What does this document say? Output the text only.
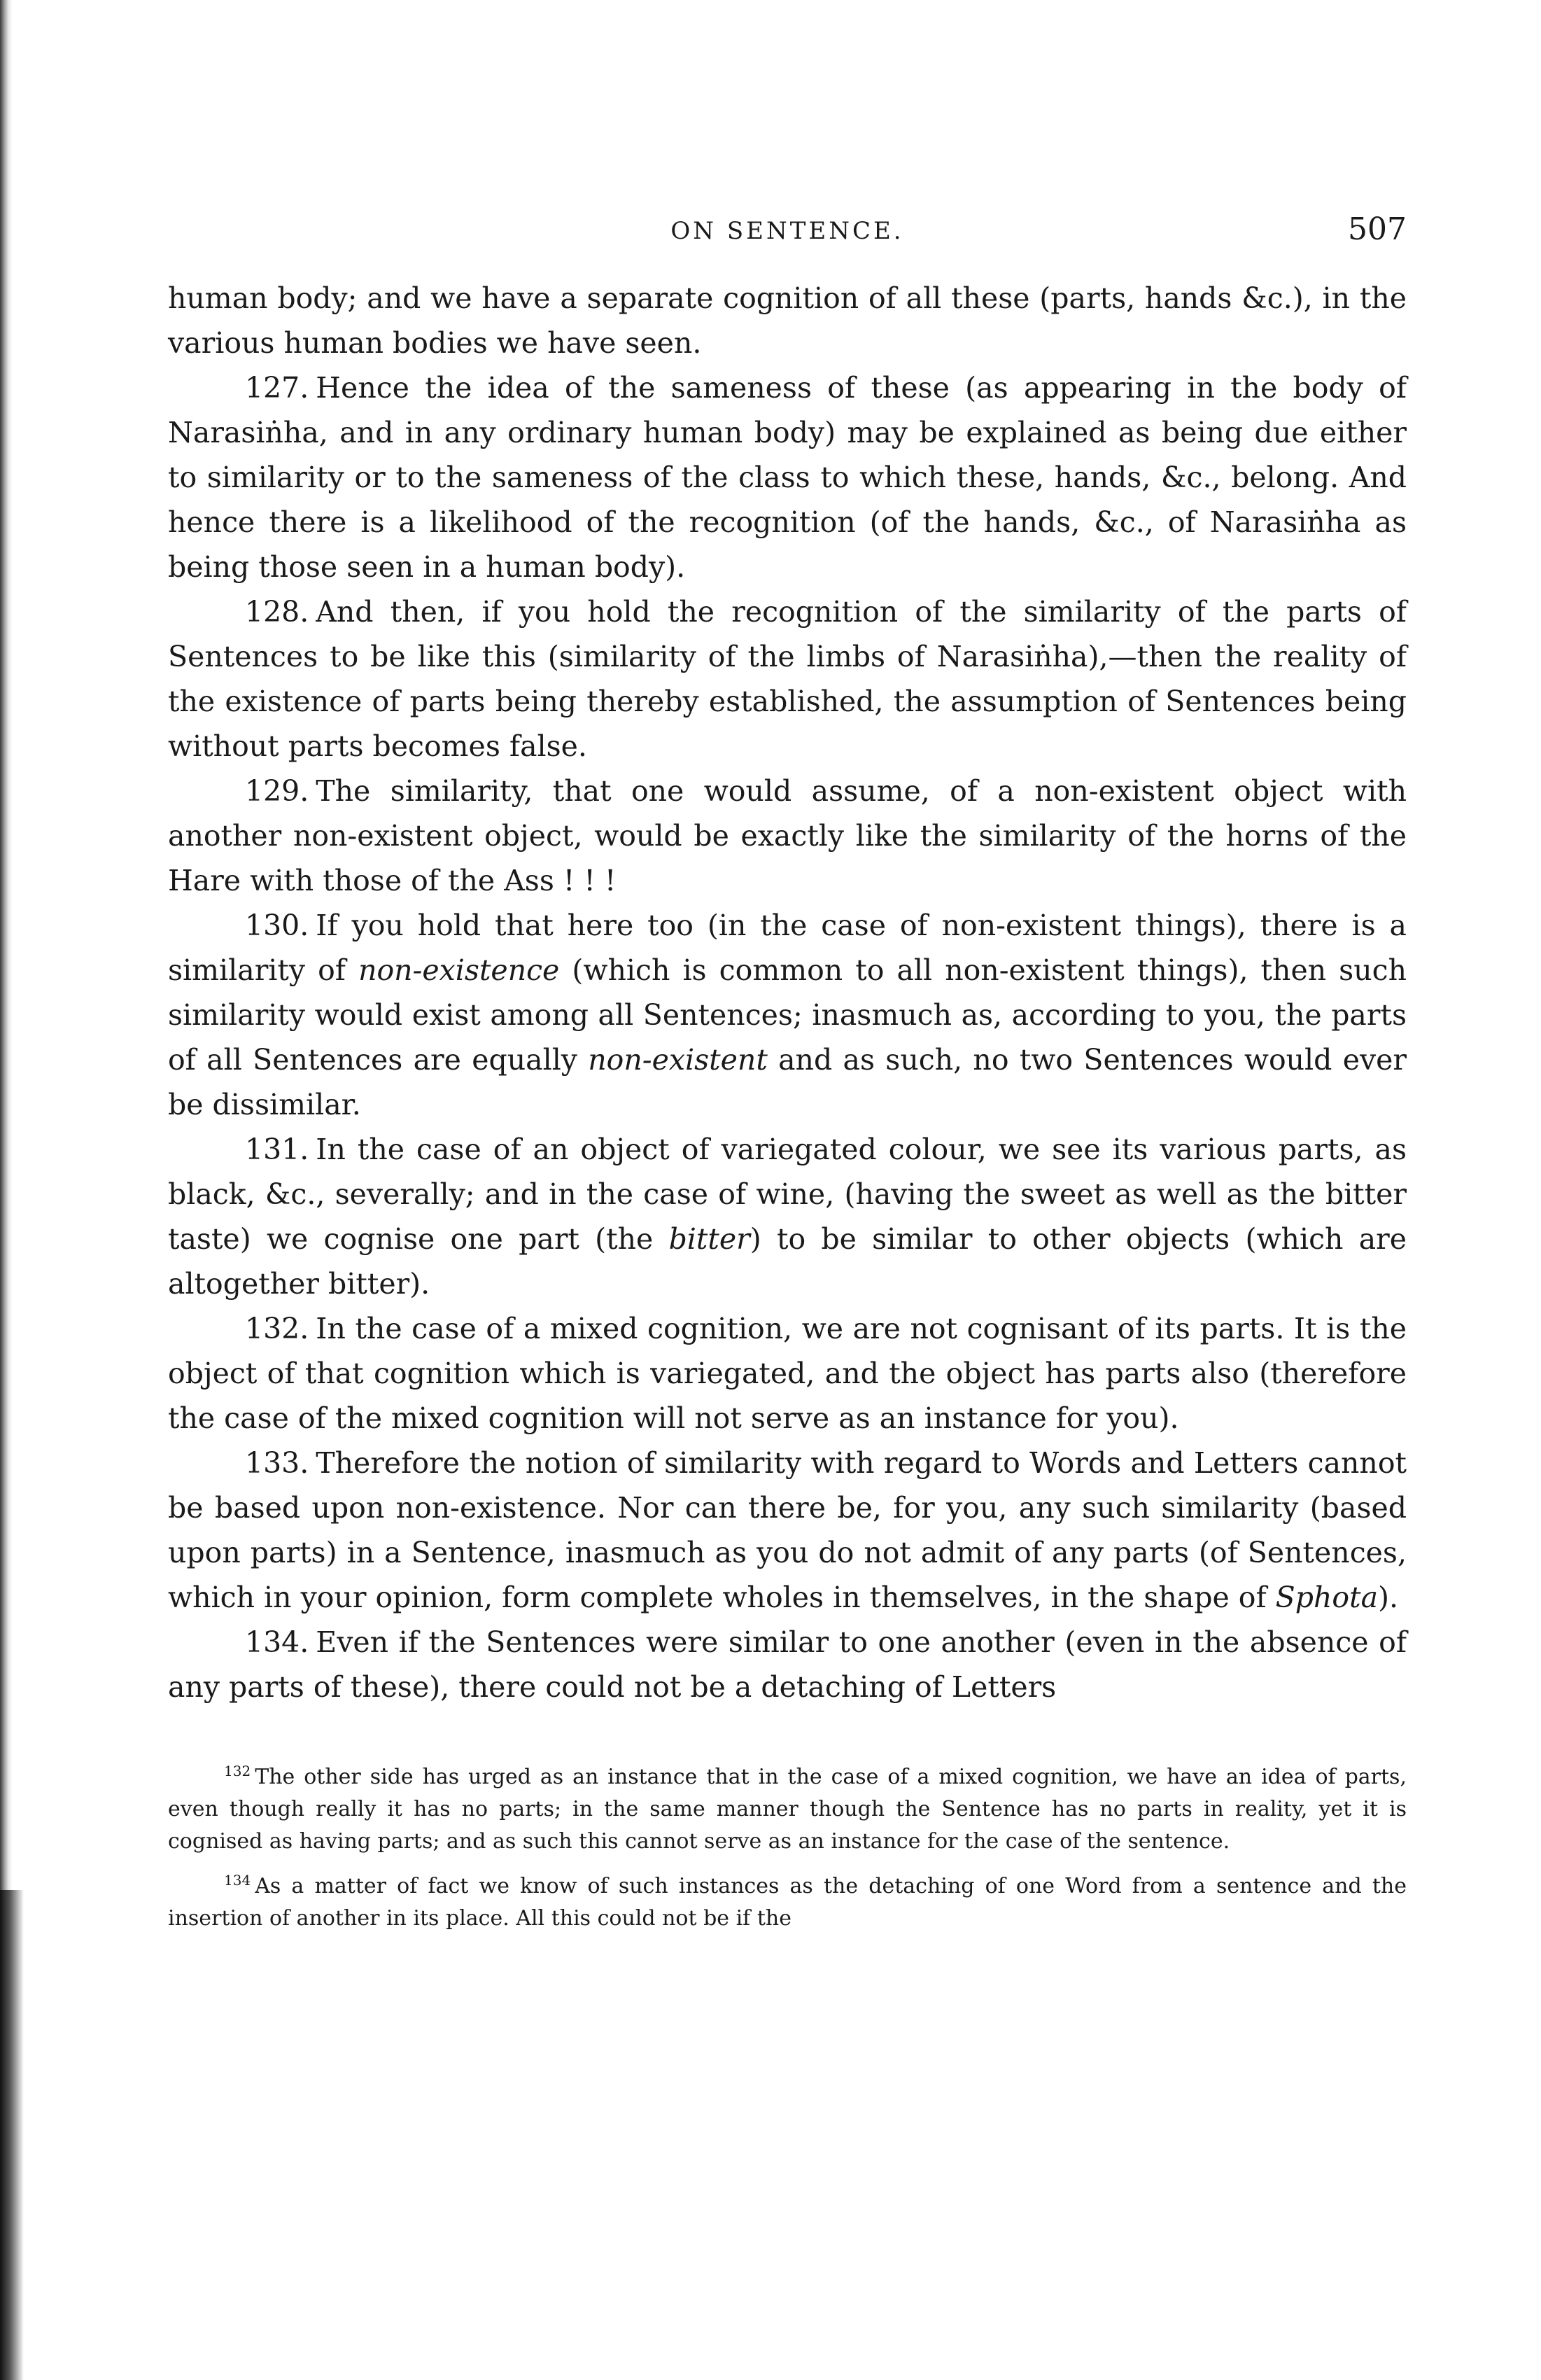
ON SENTENCE.	507

human body; and we have a separate cognition of all these (parts, hands &c.), in the various human bodies we have seen.

127. Hence the idea of the sameness of these (as appearing in the body of Narasiṅha, and in any ordinary human body) may be explained as being due either to similarity or to the sameness of the class to which these, hands, &c., belong. And hence there is a likelihood of the recognition (of the hands, &c., of Narasiṅha as being those seen in a human body).

128. And then, if you hold the recognition of the similarity of the parts of Sentences to be like this (similarity of the limbs of Narasiṅha),—then the reality of the existence of parts being thereby established, the assumption of Sentences being without parts becomes false.

129. The similarity, that one would assume, of a non-existent object with another non-existent object, would be exactly like the similarity of the horns of the Hare with those of the Ass ! ! !

130. If you hold that here too (in the case of non-existent things), there is a similarity of non-existence (which is common to all non-existent things), then such similarity would exist among all Sentences; inasmuch as, according to you, the parts of all Sentences are equally non-existent and as such, no two Sentences would ever be dissimilar.

131. In the case of an object of variegated colour, we see its various parts, as black, &c., severally; and in the case of wine, (having the sweet as well as the bitter taste) we cognise one part (the bitter) to be similar to other objects (which are altogether bitter).

132. In the case of a mixed cognition, we are not cognisant of its parts. It is the object of that cognition which is variegated, and the object has parts also (therefore the case of the mixed cognition will not serve as an instance for you).

133. Therefore the notion of similarity with regard to Words and Letters cannot be based upon non-existence. Nor can there be, for you, any such similarity (based upon parts) in a Sentence, inasmuch as you do not admit of any parts (of Sentences, which in your opinion, form complete wholes in themselves, in the shape of Sphota).

134. Even if the Sentences were similar to one another (even in the absence of any parts of these), there could not be a detaching of Letters

$^{132}$ The other side has urged as an instance that in the case of a mixed cognition, we have an idea of parts, even though really it has no parts; in the same manner though the Sentence has no parts in reality, yet it is cognised as having parts; and as such this cannot serve as an instance for the case of the sentence.

$^{134}$ As a matter of fact we know of such instances as the detaching of one Word from a sentence and the insertion of another in its place. All this could not be if the
